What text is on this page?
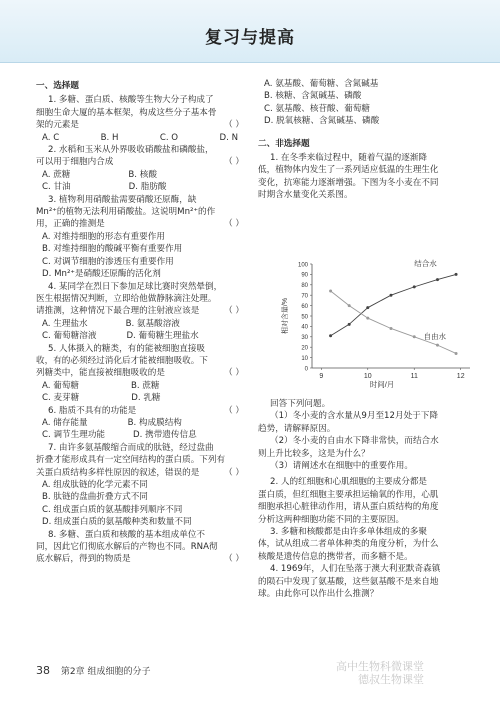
复习与提高
一、选择题

1. 多糖、蛋白质、核酸等生物大分子构成了

细胞生命大厦的基本框架，构成这些分子基本骨

架的元素是	（ ）
A. C	B. H	C. O	D. N

2. 水稻和玉米从外界吸收硝酸盐和磷酸盐，

可以用于细胞内合成	（ ）
A. 蔗糖	B. 核酸
C. 甘油	D. 脂肪酸

3. 植物利用硝酸盐需要硝酸还原酶，缺

Mn²⁺的植物无法利用硝酸盐。这说明Mn²⁺的作

用，正确的推测是	（ ）

A. 对维持细胞的形态有重要作用

B. 对维持细胞的酸碱平衡有重要作用

C. 对调节细胞的渗透压有重要作用

D. Mn²⁺是硝酸还原酶的活化剂

4. 某同学在烈日下参加足球比赛时突然晕倒，

医生根据情况判断，立即给他做静脉滴注处理。

请推测，这种情况下最合理的注射液应该是	（ ）
A. 生理盐水	B. 氨基酸溶液
C. 葡萄糖溶液	D. 葡萄糖生理盐水

5. 人体摄入的糖类，有的能被细胞直接吸

收，有的必须经过消化后才能被细胞吸收。下

列糖类中，能直接被细胞吸收的是	（ ）
A. 葡萄糖	B. 蔗糖
C. 麦芽糖	D. 乳糖
6. 脂质不具有的功能是	（ ）
A. 储存能量	B. 构成膜结构
C. 调节生理功能	D. 携带遗传信息

7. 由许多氨基酸缩合而成的肽链，经过盘曲

折叠才能形成具有一定空间结构的蛋白质。下列有

关蛋白质结构多样性原因的叙述，错误的是	（ ）

A. 组成肽链的化学元素不同

B. 肽链的盘曲折叠方式不同

C. 组成蛋白质的氨基酸排列顺序不同

D. 组成蛋白质的氨基酸种类和数量不同

8. 多糖、蛋白质和核酸的基本组成单位不

同，因此它们彻底水解后的产物也不同。RNA彻

底水解后，得到的物质是	（ ）

A. 氨基酸、葡萄糖、含氮碱基

B. 核糖、含氮碱基、磷酸

C. 氨基酸、核苷酸、葡萄糖

D. 脱氧核糖、含氮碱基、磷酸

二、非选择题

1. 在冬季来临过程中，随着气温的逐渐降

低，植物体内发生了一系列适应低温的生理生化

变化，抗寒能力逐渐增强。下图为冬小麦在不同

时期含水量变化关系图。

相对含量/%
时间/月
0
10
20
30
40
50
60
70
80
90
100
9	10	11	12
结合水
自由水

回答下列问题。

（1）冬小麦的含水量从9月至12月处于下降

趋势，请解释原因。

（2）冬小麦的自由水下降非常快，而结合水

则上升比较多，这是为什么？

（3）请阐述水在细胞中的重要作用。

2. 人的红细胞和心肌细胞的主要成分都是

蛋白质，但红细胞主要承担运输氧的作用，心肌

细胞承担心脏律动作用，请从蛋白质结构的角度

分析这两种细胞功能不同的主要原因。

3. 多糖和核酸都是由许多单体组成的多聚

体，试从组成二者单体种类的角度分析，为什么

核酸是遗传信息的携带者，而多糖不是。

4. 1969年，人们在坠落于澳大利亚默奇森镇

的陨石中发现了氨基酸，这些氨基酸不是来自地

球。由此你可以作出什么推测？

38 第2章 组成细胞的分子	高中生物科微课堂
德叔生物课堂
